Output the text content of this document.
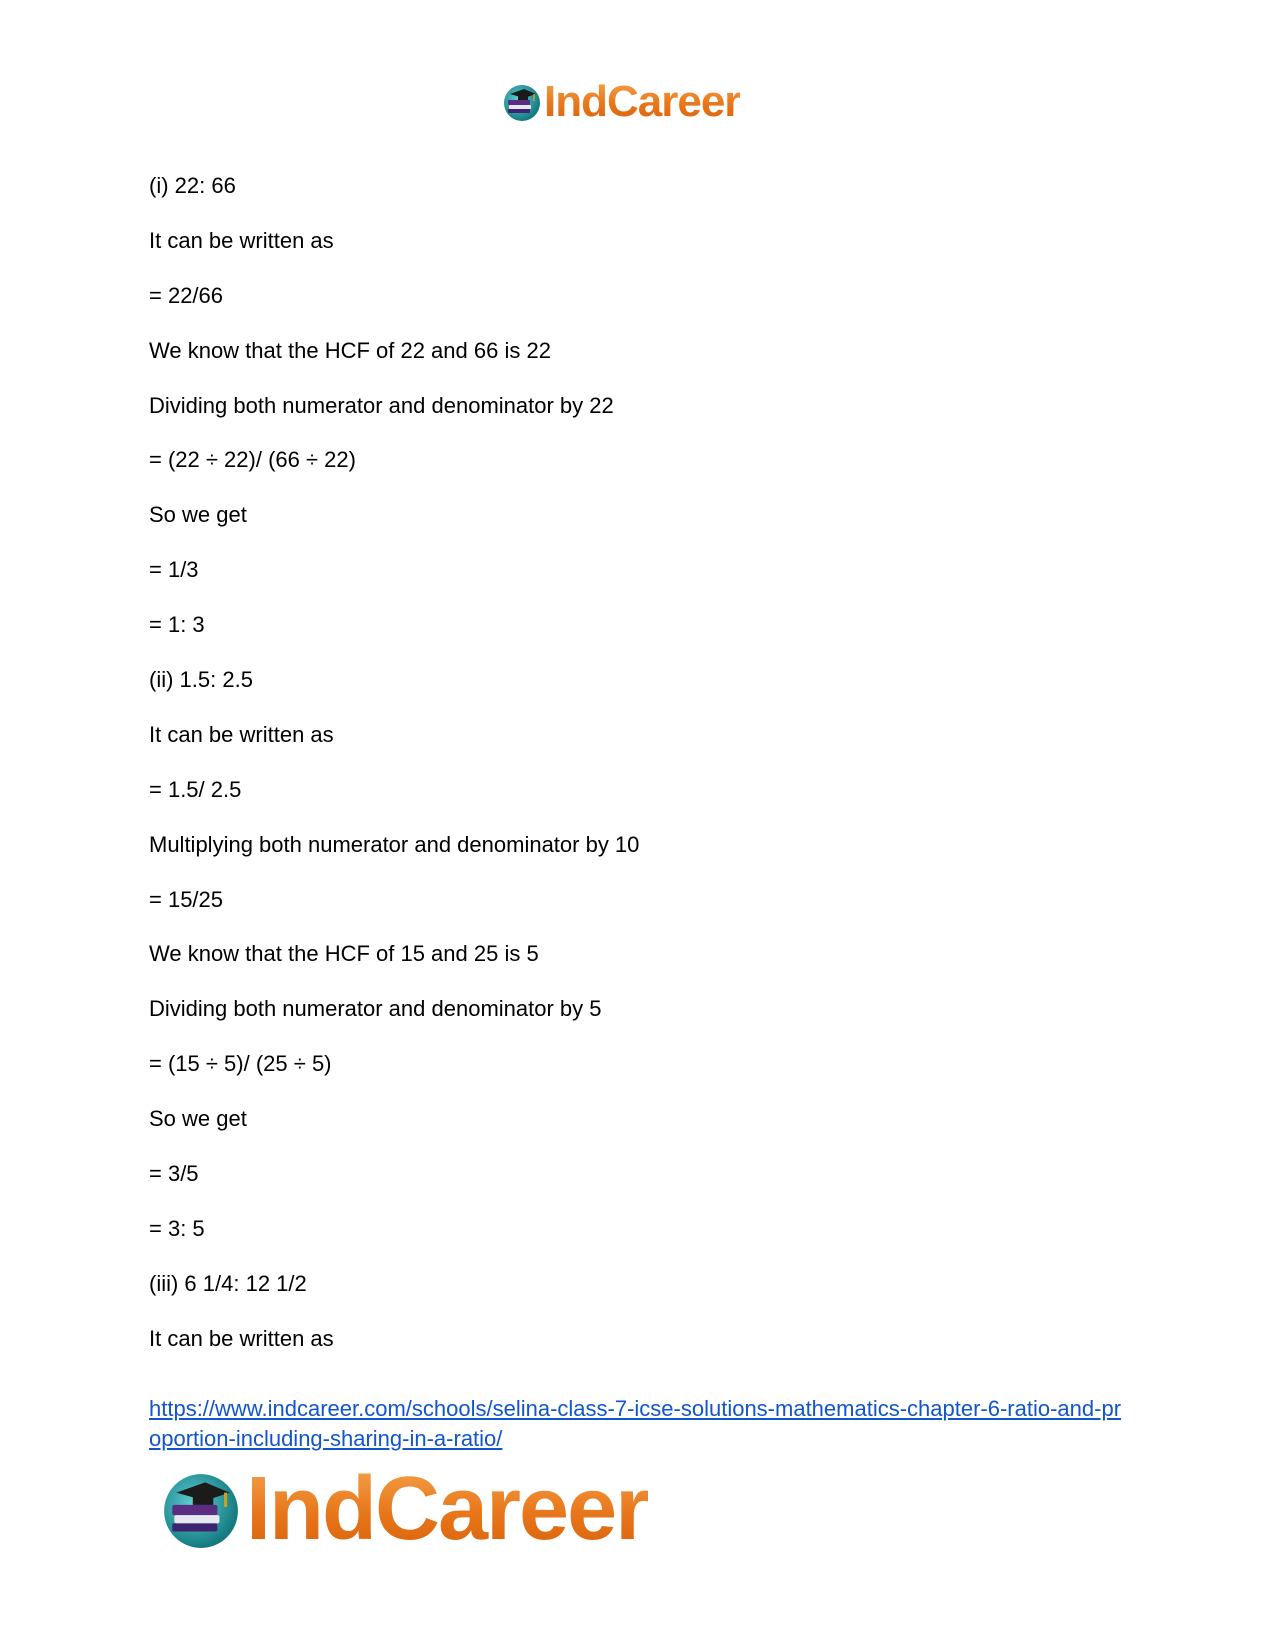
IndCareer
(i) 22: 66
It can be written as
= 22/66
We know that the HCF of 22 and 66 is 22
Dividing both numerator and denominator by 22
= (22 ÷ 22)/ (66 ÷ 22)
So we get
= 1/3
= 1: 3
(ii) 1.5: 2.5
It can be written as
= 1.5/ 2.5
Multiplying both numerator and denominator by 10
= 15/25
We know that the HCF of 15 and 25 is 5
Dividing both numerator and denominator by 5
= (15 ÷ 5)/ (25 ÷ 5)
So we get
= 3/5
= 3: 5
(iii) 6 1/4: 12 1/2
It can be written as
https://www.indcareer.com/schools/selina-class-7-icse-solutions-mathematics-chapter-6-ratio-and-proportion-including-sharing-in-a-ratio/
IndCareer
